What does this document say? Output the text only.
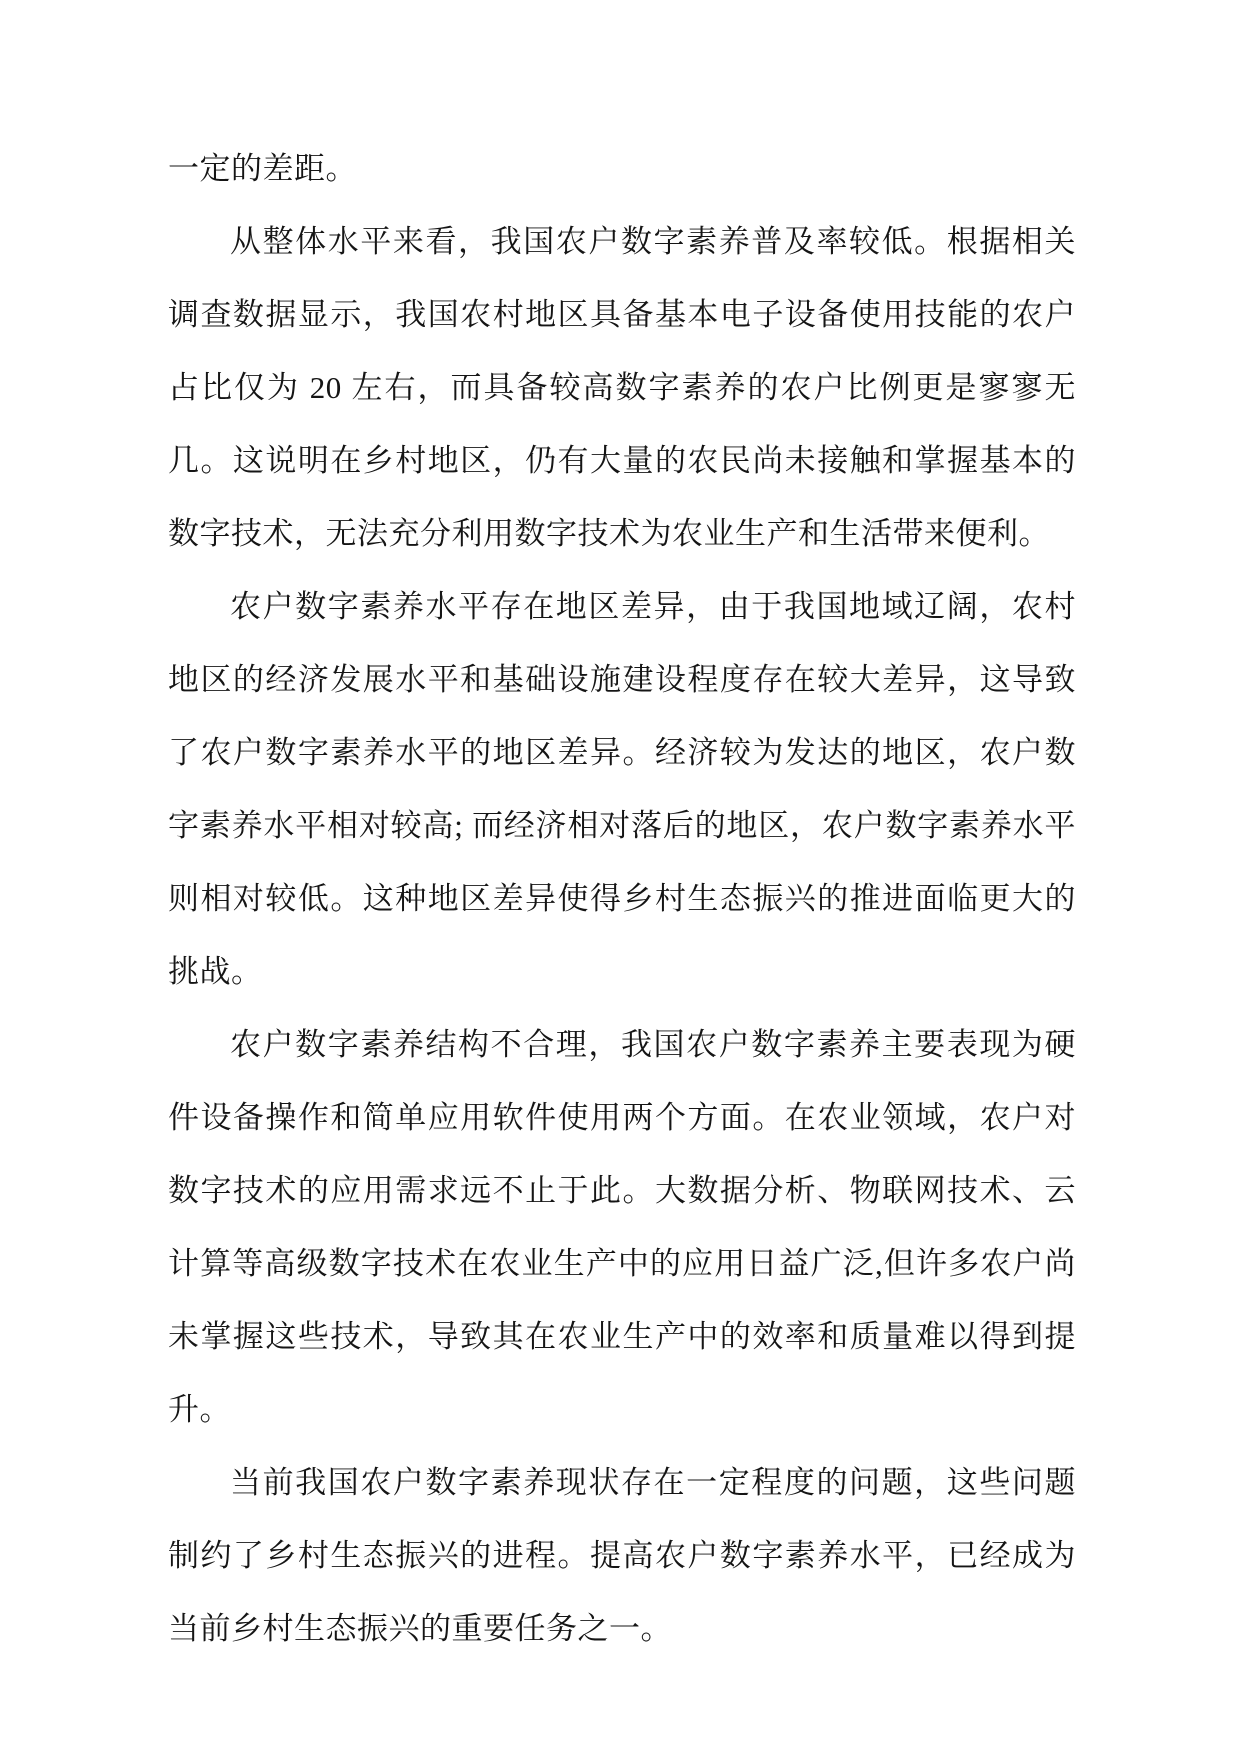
一定的差距。

从整体水平来看，我国农户数字素养普及率较低。根据相关调查数据显示，我国农村地区具备基本电子设备使用技能的农户占比仅为 20 左右，而具备较高数字素养的农户比例更是寥寥无几。这说明在乡村地区，仍有大量的农民尚未接触和掌握基本的数字技术，无法充分利用数字技术为农业生产和生活带来便利。

农户数字素养水平存在地区差异，由于我国地域辽阔，农村地区的经济发展水平和基础设施建设程度存在较大差异，这导致了农户数字素养水平的地区差异。经济较为发达的地区，农户数字素养水平相对较高; 而经济相对落后的地区，农户数字素养水平则相对较低。这种地区差异使得乡村生态振兴的推进面临更大的挑战。

农户数字素养结构不合理，我国农户数字素养主要表现为硬件设备操作和简单应用软件使用两个方面。在农业领域，农户对数字技术的应用需求远不止于此。大数据分析、物联网技术、云计算等高级数字技术在农业生产中的应用日益广泛,但许多农户尚未掌握这些技术，导致其在农业生产中的效率和质量难以得到提升。

当前我国农户数字素养现状存在一定程度的问题，这些问题制约了乡村生态振兴的进程。提高农户数字素养水平，已经成为当前乡村生态振兴的重要任务之一。
